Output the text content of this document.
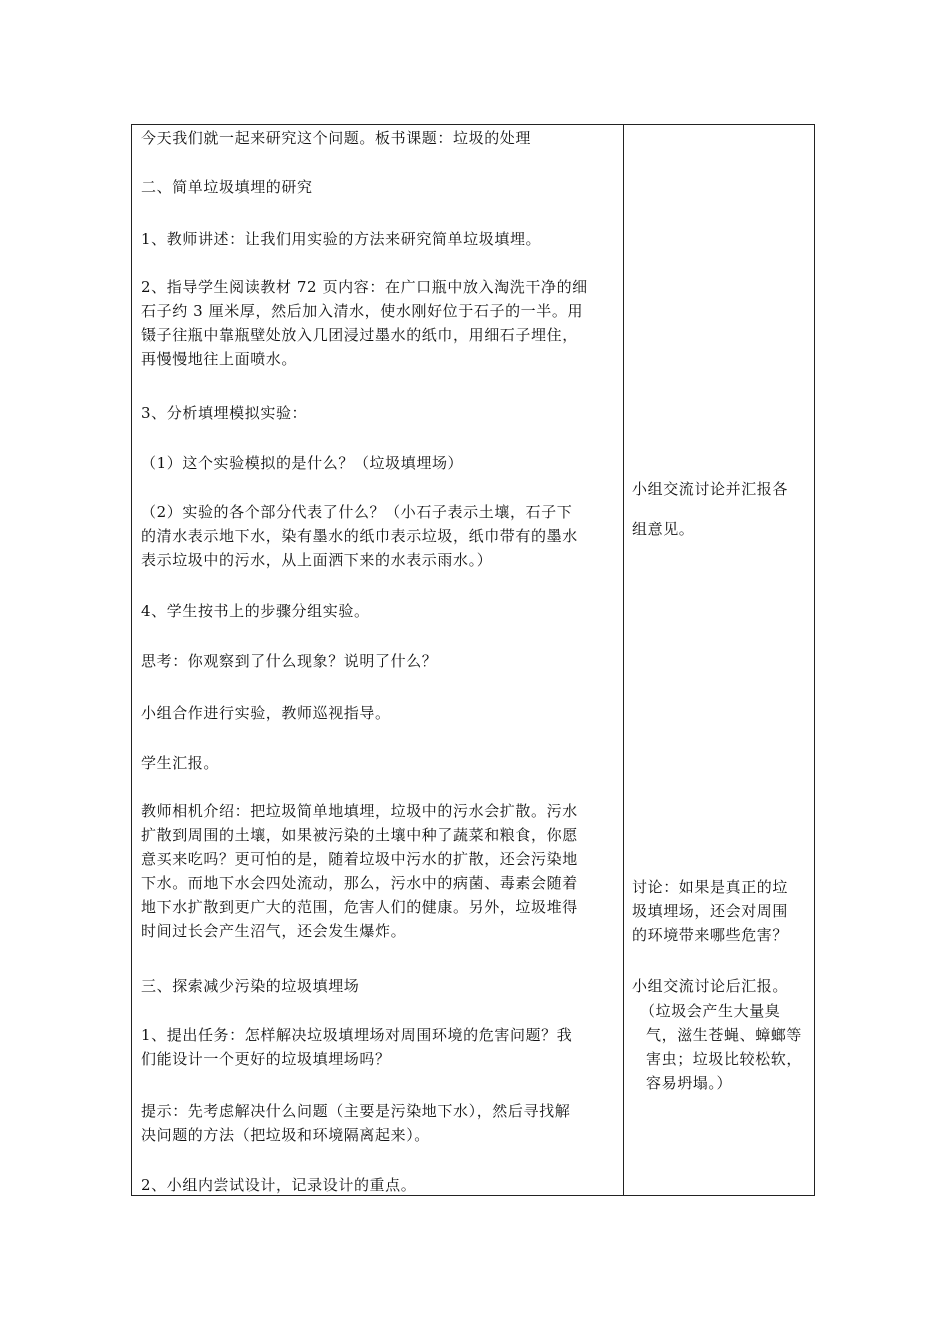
今天我们就一起来研究这个问题。板书课题：垃圾的处理
二、简单垃圾填埋的研究
1、教师讲述：让我们用实验的方法来研究简单垃圾填埋。
2、指导学生阅读教材 72 页内容：在广口瓶中放入淘洗干净的细
石子约 3 厘米厚，然后加入清水，使水刚好位于石子的一半。用
镊子往瓶中靠瓶壁处放入几团浸过墨水的纸巾，用细石子埋住，
再慢慢地往上面喷水。
3、分析填埋模拟实验：
（1）这个实验模拟的是什么？（垃圾填埋场）
（2）实验的各个部分代表了什么？（小石子表示土壤，石子下
的清水表示地下水，染有墨水的纸巾表示垃圾，纸巾带有的墨水
表示垃圾中的污水，从上面洒下来的水表示雨水。）
4、学生按书上的步骤分组实验。
思考：你观察到了什么现象？说明了什么？
小组合作进行实验，教师巡视指导。
学生汇报。
教师相机介绍：把垃圾简单地填埋，垃圾中的污水会扩散。污水
扩散到周围的土壤，如果被污染的土壤中种了蔬菜和粮食，你愿
意买来吃吗？更可怕的是，随着垃圾中污水的扩散，还会污染地
下水。而地下水会四处流动，那么，污水中的病菌、毒素会随着
地下水扩散到更广大的范围，危害人们的健康。另外，垃圾堆得
时间过长会产生沼气，还会发生爆炸。
三、探索减少污染的垃圾填埋场
1、提出任务：怎样解决垃圾填埋场对周围环境的危害问题？我
们能设计一个更好的垃圾填埋场吗？
提示：先考虑解决什么问题（主要是污染地下水），然后寻找解
决问题的方法（把垃圾和环境隔离起来）。
2、小组内尝试设计，记录设计的重点。
小组交流讨论并汇报各
组意见。
讨论：如果是真正的垃
圾填埋场，还会对周围
的环境带来哪些危害？
小组交流讨论后汇报。
（垃圾会产生大量臭
气，滋生苍蝇、蟑螂等
害虫；垃圾比较松软，
容易坍塌。）
